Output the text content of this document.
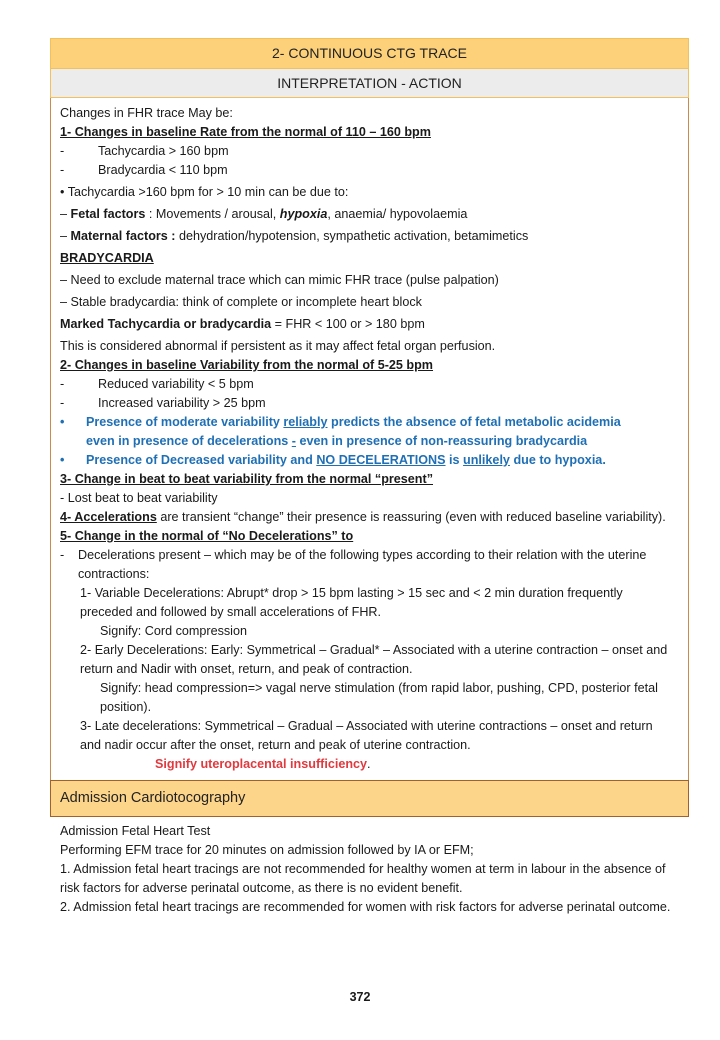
2- CONTINUOUS CTG TRACE
INTERPRETATION - ACTION
Changes in FHR trace May be:
1- Changes in baseline Rate from the normal of 110 – 160 bpm
-	Tachycardia > 160 bpm
-	Bradycardia < 110 bpm
• Tachycardia >160 bpm for > 10 min can be due to:
– Fetal factors : Movements / arousal, hypoxia, anaemia/ hypovolaemia
– Maternal factors : dehydration/hypotension, sympathetic activation, betamimetics
BRADYCARDIA
– Need to exclude maternal trace which can mimic FHR trace (pulse palpation)
– Stable bradycardia: think of complete or incomplete heart block
Marked Tachycardia or bradycardia = FHR < 100 or > 180 bpm
This is considered abnormal if persistent as it may affect fetal organ perfusion.
2- Changes in baseline Variability from the normal of 5-25 bpm
-	Reduced variability < 5 bpm
-	Increased variability > 25 bpm
• Presence of moderate variability reliably predicts the absence of fetal metabolic acidemia
even in presence of decelerations - even in presence of non-reassuring bradycardia
• Presence of Decreased variability and NO DECELERATIONS is unlikely due to hypoxia.
3- Change in beat to beat variability from the normal “present”
- Lost beat to beat variability
4- Accelerations are transient “change” their presence is reassuring (even with reduced baseline variability).
5- Change in the normal of “No Decelerations” to
-	Decelerations present – which may be of the following types according to their relation with the uterine contractions:
1- Variable Decelerations: Abrupt* drop > 15 bpm lasting > 15 sec and < 2 min duration frequently preceded and followed by small accelerations of FHR.
Signify: Cord compression
2- Early Decelerations: Early: Symmetrical – Gradual* – Associated with a uterine contraction – onset and return and Nadir with onset, return, and peak of contraction.
Signify: head compression=> vagal nerve stimulation (from rapid labor, pushing, CPD, posterior fetal position).
3- Late decelerations: Symmetrical – Gradual – Associated with uterine contractions – onset and return and nadir occur after the onset, return and peak of uterine contraction.
Signify uteroplacental insufficiency.
Admission Cardiotocography
Admission Fetal Heart Test
Performing EFM trace for 20 minutes on admission followed by IA or EFM;
1. Admission fetal heart tracings are not recommended for healthy women at term in labour in the absence of risk factors for adverse perinatal outcome, as there is no evident benefit.
2. Admission fetal heart tracings are recommended for women with risk factors for adverse perinatal outcome.
372
